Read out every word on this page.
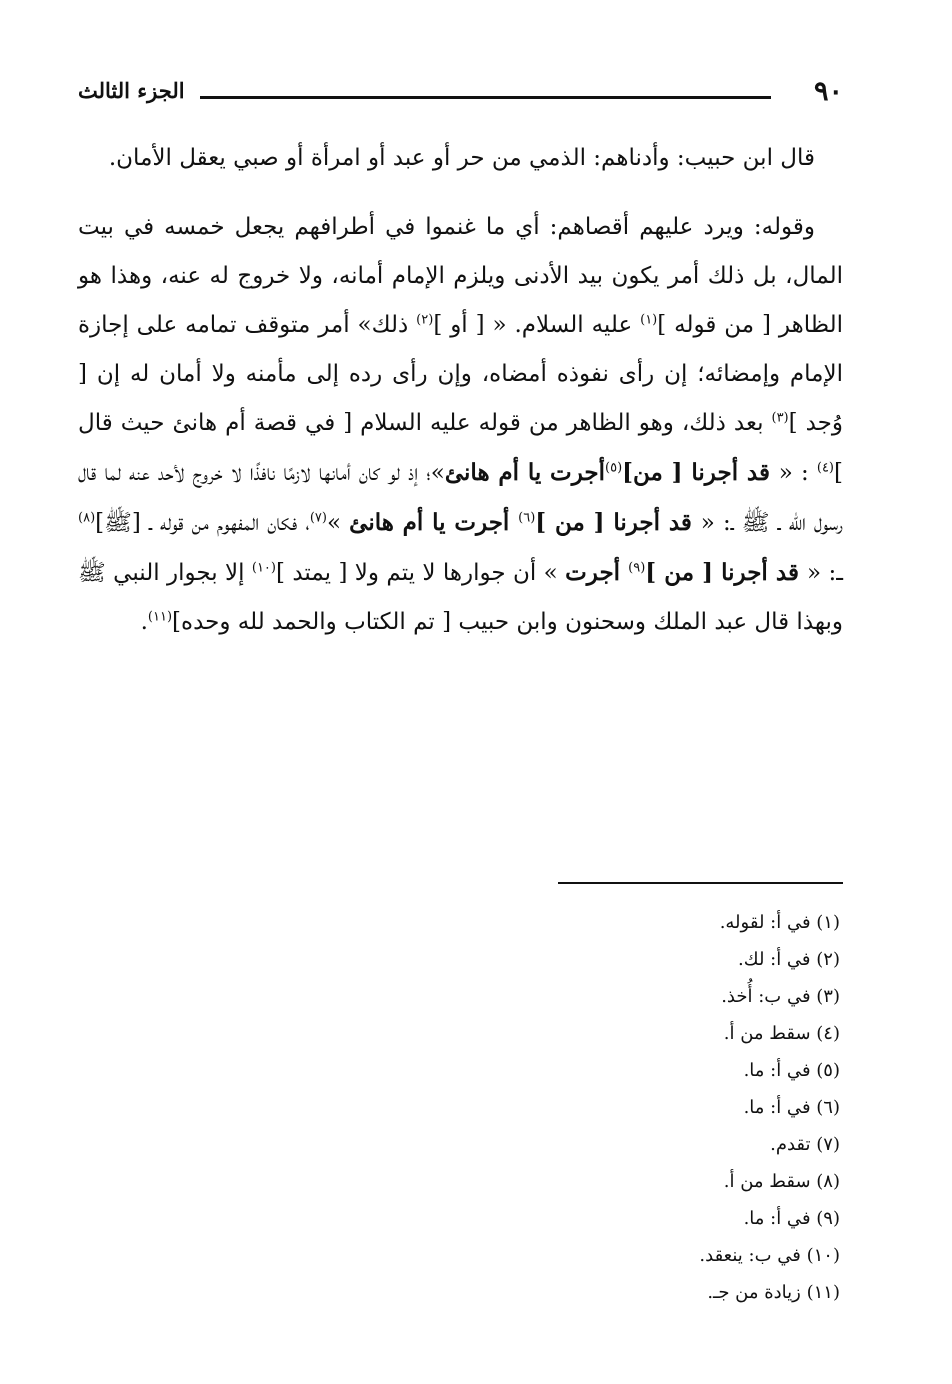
٩٠
الجزء الثالث

قال ابن حبيب: وأدناهم: الذمي من حر أو عبد أو امرأة أو صبي يعقل الأمان.

وقوله: ويرد عليهم أقصاهم: أي ما غنموا في أطرافهم يجعل خمسه في بيت المال، بل ذلك أمر يكون بيد الأدنى ويلزم الإمام أمانه، ولا خروج له عنه، وهذا هو الظاهر [ من قوله ]$^{(١)}$ عليه السلام. « [ أو ]$^{(٢)}$ ذلك» أمر متوقف تمامه على إجازة الإمام وإمضائه؛ إن رأى نفوذه أمضاه، وإن رأى رده إلى مأمنه ولا أمان له إن [ وُجد ]$^{(٣)}$ بعد ذلك، وهو الظاهر من قوله عليه السلام [ في قصة أم هانئ حيث قال ]$^{(٤)}$ : « قد أجرنا [ من]$^{(٥)}$أجرت يا أم هانئ»؛ إذ لو كان أمانها لازمًا نافذًا لا خروج لأحد عنه لما قال رسول الله ـ ﷺ ـ: « قد أجرنا [ من ]$^{(٦)}$ أجرت يا أم هانئ »$^{(٧)}$، فكان المفهوم من قوله ـ [ﷺ]$^{(٨)}$ ـ: « قد أجرنا [ من ]$^{(٩)}$ أجرت » أن جوارها لا يتم ولا [ يمتد ]$^{(١٠)}$ إلا بجوار النبي ﷺ وبهذا قال عبد الملك وسحنون وابن حبيب [ تم الكتاب والحمد لله وحده]$^{(١١)}$.

(١) في أ: لقوله.
(٢) في أ: لك.
(٣) في ب: أُخذ.
(٤) سقط من أ.
(٥) في أ: ما.
(٦) في أ: ما.
(٧) تقدم.
(٨) سقط من أ.
(٩) في أ: ما.
(١٠) في ب: ينعقد.
(١١) زيادة من جـ.
